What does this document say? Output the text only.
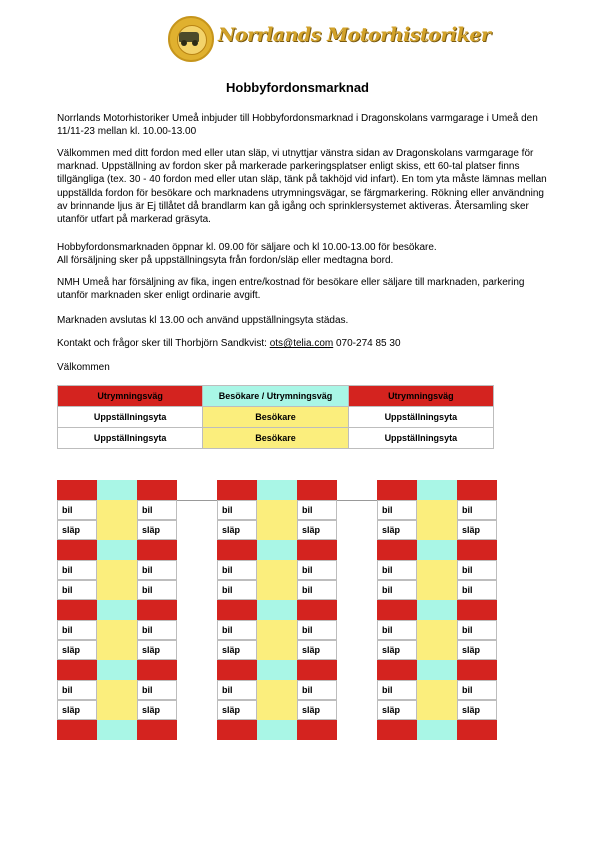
Norrlands Motorhistoriker
Hobbyfordonsmarknad

Norrlands Motorhistoriker Umeå inbjuder till Hobbyfordonsmarknad i Dragonskolans varmgarage i Umeå den 11/11-23 mellan kl. 10.00-13.00

Välkommen med ditt fordon med eller utan släp, vi utnyttjar vänstra sidan av Dragonskolans varmgarage för marknad. Uppställning av fordon sker på markerade parkeringsplatser enligt skiss, ett 60-tal platser finns tillgängliga (tex. 30 - 40 fordon med eller utan släp, tänk på takhöjd vid infart). En tom yta måste lämnas mellan uppställda fordon för besökare och marknadens utrymningsvägar, se färgmarkering. Rökning eller användning av brinnande ljus är Ej tillåtet då brandlarm kan gå igång och sprinklersystemet aktiveras. Återsamling sker utanför utfart på markerad gräsyta.

Hobbyfordonsmarknaden öppnar kl. 09.00 för säljare och kl 10.00-13.00 för besökare.
All försäljning sker på uppställningsyta från fordon/släp eller medtagna bord.

NMH Umeå har försäljning av fika, ingen entre/kostnad för besökare eller säljare till marknaden, parkering utanför marknaden sker enligt ordinarie avgift.

Marknaden avslutas kl 13.00 och använd uppställningsyta städas.

Kontakt och frågor sker till Thorbjörn Sandkvist: ots@telia.com 070-274 85 30

Välkommen

Utrymningsväg	Besökare / Utrymningsväg	Utrymningsväg
Uppställningsyta	Besökare	Uppställningsyta
Uppställningsyta	Besökare	Uppställningsyta
bil	bil	bil	bil	bil	bil
släp	släp	släp	släp	släp	släp
bil	bil	bil	bil	bil	bil
bil	bil	bil	bil	bil	bil
bil	bil	bil	bil	bil	bil
släp	släp	släp	släp	släp	släp
bil	bil	bil	bil	bil	bil
släp	släp	släp	släp	släp	släp
